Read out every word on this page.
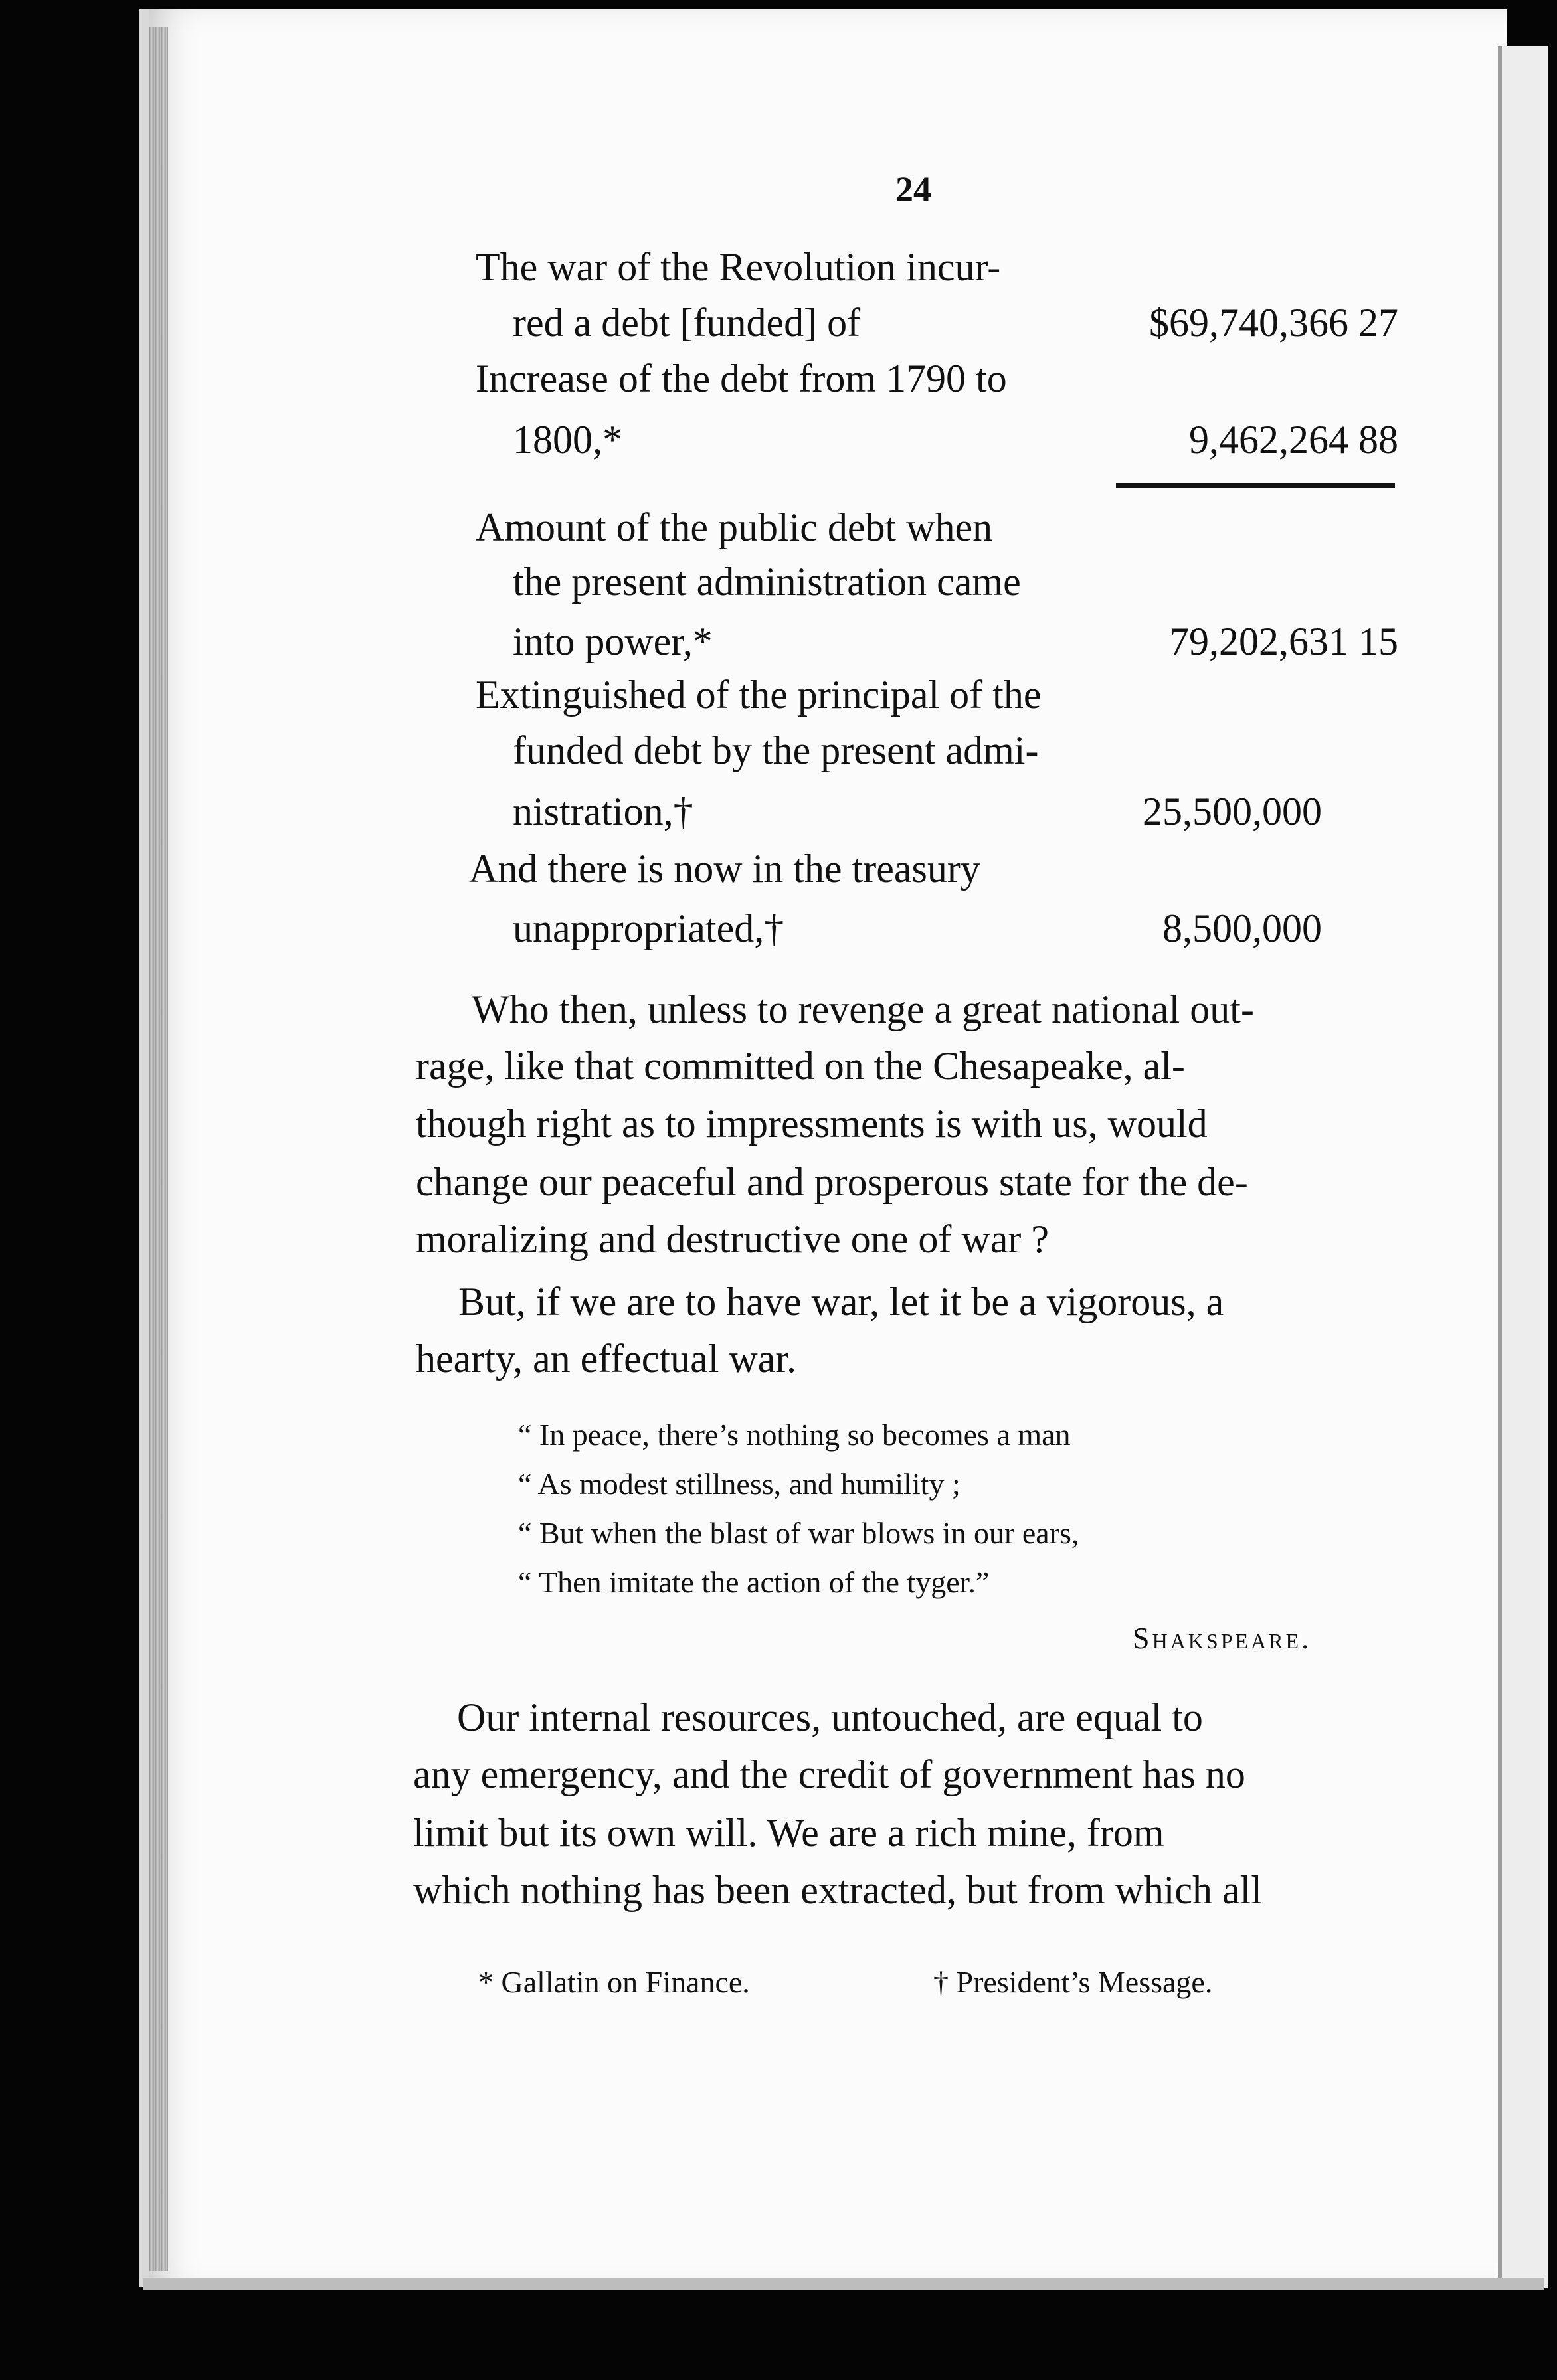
24
The war of the Revolution incur-
red a debt [funded] of	$69,740,366 27
Increase of the debt from 1790 to
1800,*	9,462,264 88
Amount of the public debt when
the present administration came
into power,*	79,202,631 15
Extinguished of the principal of the
funded debt by the present admi-
nistration,†	25,500,000
And there is now in the treasury
unappropriated,†	8,500,000
Who then, unless to revenge a great national out-
rage, like that committed on the Chesapeake, al-
though right as to impressments is with us, would
change our peaceful and prosperous state for the de-
moralizing and destructive one of war ?
But, if we are to have war, let it be a vigorous, a
hearty, an effectual war.
“ In peace, there’s nothing so becomes a man
“ As modest stillness, and humility ;
“ But when the blast of war blows in our ears,
“ Then imitate the action of the tyger.”
Shakspeare.
Our internal resources, untouched, are equal to
any emergency, and the credit of government has no
limit but its own will. We are a rich mine, from
which nothing has been extracted, but from which all
* Gallatin on Finance.	† President’s Message.
